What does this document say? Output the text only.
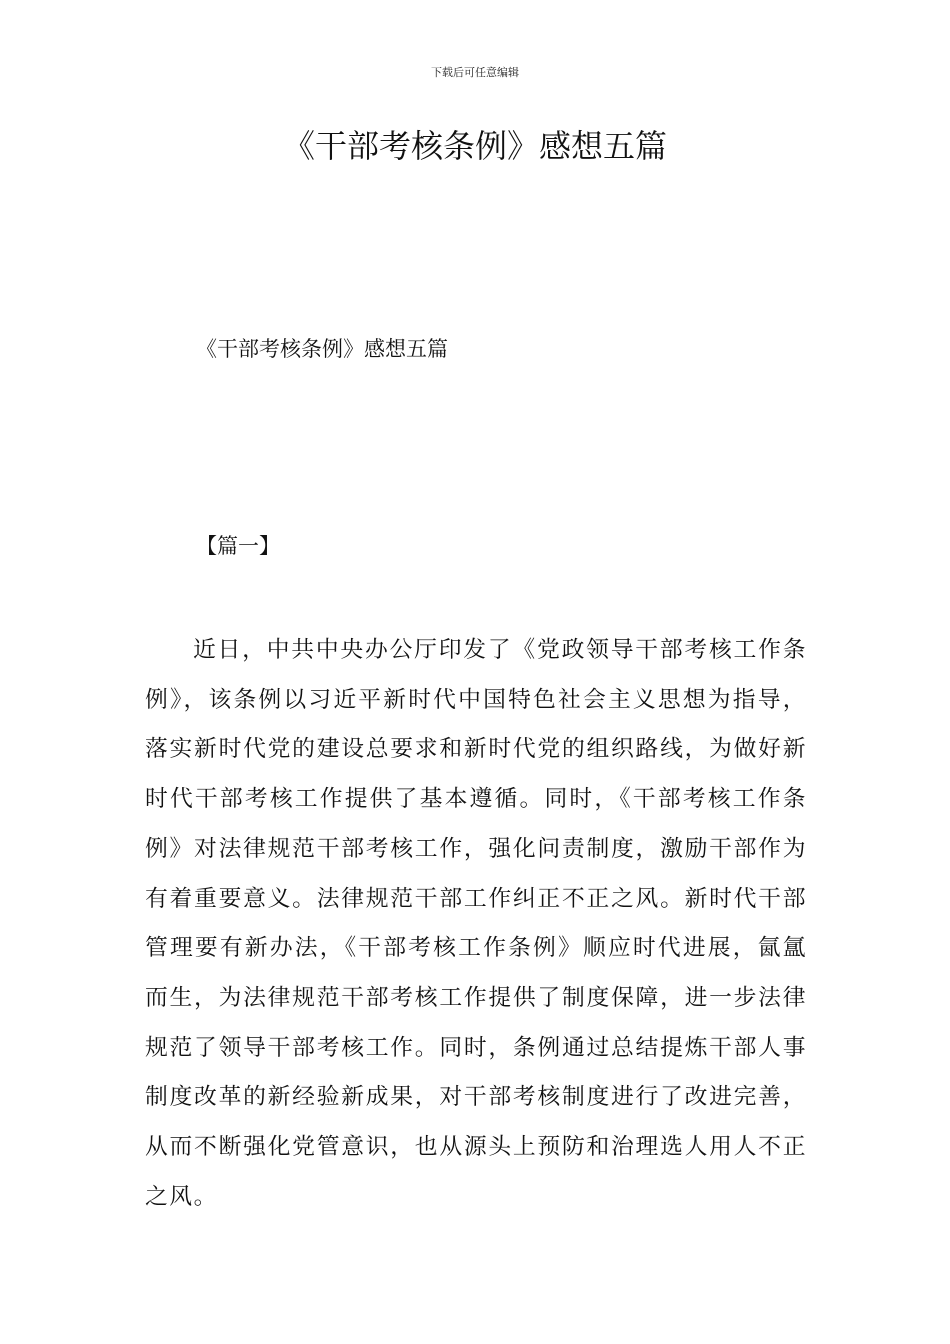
下载后可任意编辑
《干部考核条例》感想五篇
《干部考核条例》感想五篇
【篇一】

近日，中共中央办公厅印发了《党政领导干部考核工作条例》，该条例以习近平新时代中国特色社会主义思想为指导，落实新时代党的建设总要求和新时代党的组织路线，为做好新时代干部考核工作提供了基本遵循。同时，《干部考核工作条例》对法律规范干部考核工作，强化问责制度，激励干部作为有着重要意义。法律规范干部工作纠正不正之风。新时代干部管理要有新办法，《干部考核工作条例》顺应时代进展，氤氲而生，为法律规范干部考核工作提供了制度保障，进一步法律规范了领导干部考核工作。同时，条例通过总结提炼干部人事制度改革的新经验新成果，对干部考核制度进行了改进完善，从而不断强化党管意识，也从源头上预防和治理选人用人不正之风。
